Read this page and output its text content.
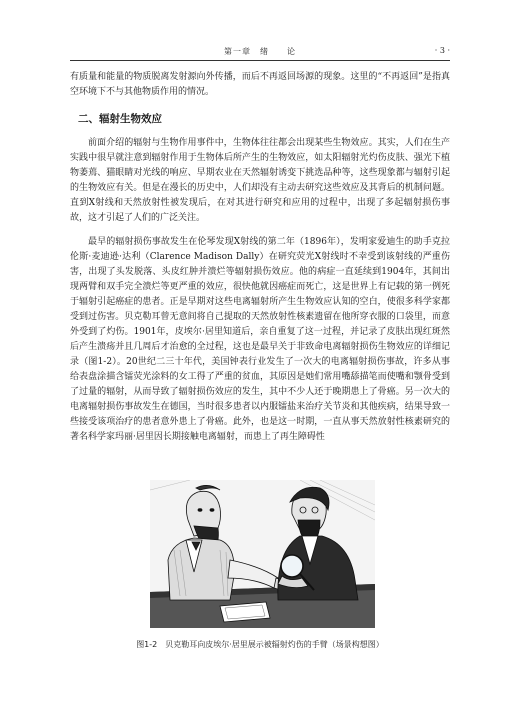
第一章　绪　　论	· 3 ·

有质量和能量的物质脱离发射源向外传播，而后不再返回场源的现象。这里的“不再返回”是指真空环境下不与其他物质作用的情况。

二、辐射生物效应

前面介绍的辐射与生物作用事件中，生物体往往都会出现某些生物效应。其实，人们在生产实践中很早就注意到辐射作用于生物体后所产生的生物效应，如太阳辐射光灼伤皮肤、强光下植物萎蔫、猫眼睛对光线的响应、早期农业在天然辐射诱变下挑选品种等，这些现象都与辐射引起的生物效应有关。但是在漫长的历史中，人们却没有主动去研究这些效应及其背后的机制问题。直到X射线和天然放射性被发现后，在对其进行研究和应用的过程中，出现了多起辐射损伤事故，这才引起了人们的广泛关注。

最早的辐射损伤事故发生在伦琴发现X射线的第二年（1896年），发明家爱迪生的助手克拉伦斯·麦迪逊·达利（Clarence Madison Dally）在研究荧光X射线时不幸受到该射线的严重伤害，出现了头发脱落、头皮红肿并溃烂等辐射损伤效应。他的病症一直延续到1904年，其间出现两臂和双手完全溃烂等更严重的效应，很快他就因癌症而死亡，这是世界上有记载的第一例死于辐射引起癌症的患者。正是早期对这些电离辐射所产生生物效应认知的空白，使很多科学家都受到过伤害。贝克勒耳曾无意间将自己提取的天然放射性核素遗留在他所穿衣服的口袋里，而意外受到了灼伤。1901年，皮埃尔·居里知道后，亲自重复了这一过程，并记录了皮肤出现红斑然后产生溃疡并且几周后才治愈的全过程，这也是最早关于非致命电离辐射损伤生物效应的详细记录（图1-2）。20世纪二三十年代，美国钟表行业发生了一次大的电离辐射损伤事故，许多从事给表盘涂描含镭荧光涂料的女工得了严重的贫血，其原因是她们常用嘴舔描笔而使嘴和颚骨受到了过量的辐射，从而导致了辐射损伤效应的发生，其中不少人还于晚期患上了骨癌。另一次大的电离辐射损伤事故发生在德国，当时很多患者以内服镭盐来治疗关节炎和其他疾病，结果导致一些接受该项治疗的患者意外患上了骨癌。此外，也是这一时期，一直从事天然放射性核素研究的著名科学家玛丽·居里因长期接触电离辐射，而患上了再生障碍性

图1-2　贝克勒耳向皮埃尔·居里展示被辐射灼伤的手臂（场景构想图）
